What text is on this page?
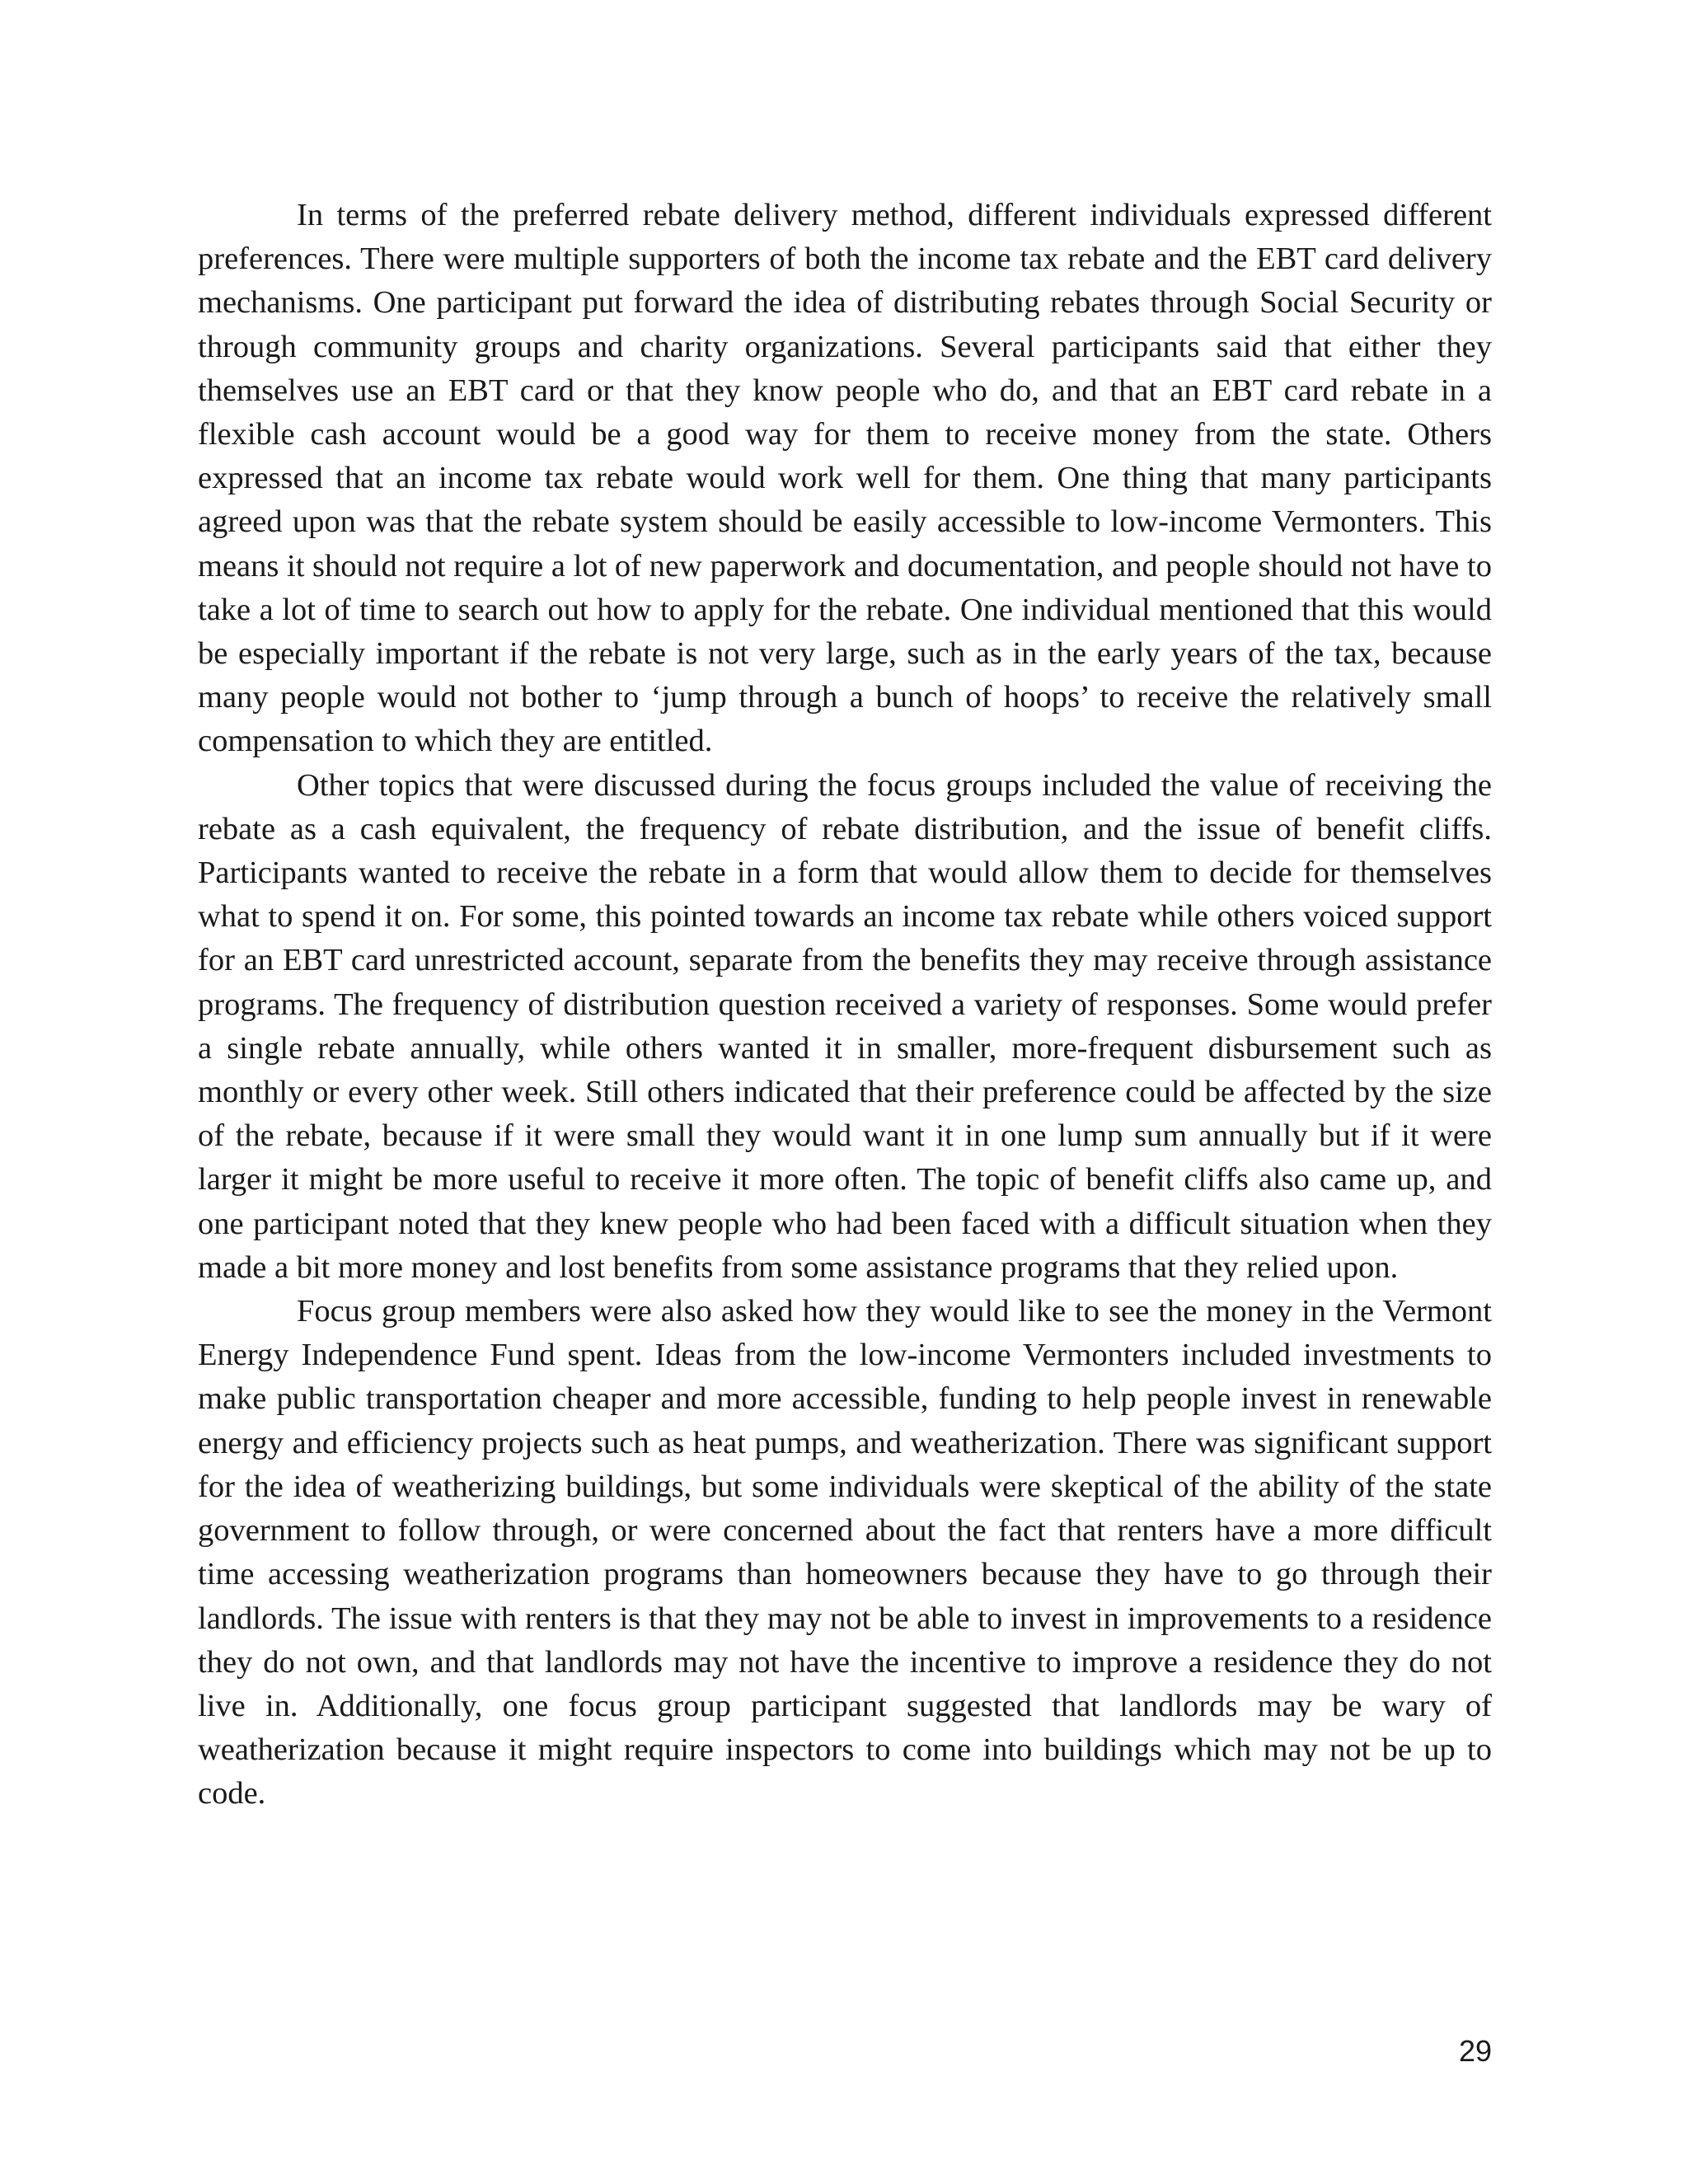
In terms of the preferred rebate delivery method, different individuals expressed different preferences. There were multiple supporters of both the income tax rebate and the EBT card delivery mechanisms. One participant put forward the idea of distributing rebates through Social Security or through community groups and charity organizations. Several participants said that either they themselves use an EBT card or that they know people who do, and that an EBT card rebate in a flexible cash account would be a good way for them to receive money from the state. Others expressed that an income tax rebate would work well for them. One thing that many participants agreed upon was that the rebate system should be easily accessible to low-income Vermonters. This means it should not require a lot of new paperwork and documentation, and people should not have to take a lot of time to search out how to apply for the rebate. One individual mentioned that this would be especially important if the rebate is not very large, such as in the early years of the tax, because many people would not bother to ‘jump through a bunch of hoops’ to receive the relatively small compensation to which they are entitled.

Other topics that were discussed during the focus groups included the value of receiving the rebate as a cash equivalent, the frequency of rebate distribution, and the issue of benefit cliffs. Participants wanted to receive the rebate in a form that would allow them to decide for themselves what to spend it on. For some, this pointed towards an income tax rebate while others voiced support for an EBT card unrestricted account, separate from the benefits they may receive through assistance programs. The frequency of distribution question received a variety of responses. Some would prefer a single rebate annually, while others wanted it in smaller, more-frequent disbursement such as monthly or every other week. Still others indicated that their preference could be affected by the size of the rebate, because if it were small they would want it in one lump sum annually but if it were larger it might be more useful to receive it more often. The topic of benefit cliffs also came up, and one participant noted that they knew people who had been faced with a difficult situation when they made a bit more money and lost benefits from some assistance programs that they relied upon.

Focus group members were also asked how they would like to see the money in the Vermont Energy Independence Fund spent. Ideas from the low-income Vermonters included investments to make public transportation cheaper and more accessible, funding to help people invest in renewable energy and efficiency projects such as heat pumps, and weatherization. There was significant support for the idea of weatherizing buildings, but some individuals were skeptical of the ability of the state government to follow through, or were concerned about the fact that renters have a more difficult time accessing weatherization programs than homeowners because they have to go through their landlords. The issue with renters is that they may not be able to invest in improvements to a residence they do not own, and that landlords may not have the incentive to improve a residence they do not live in. Additionally, one focus group participant suggested that landlords may be wary of weatherization because it might require inspectors to come into buildings which may not be up to code.

29
